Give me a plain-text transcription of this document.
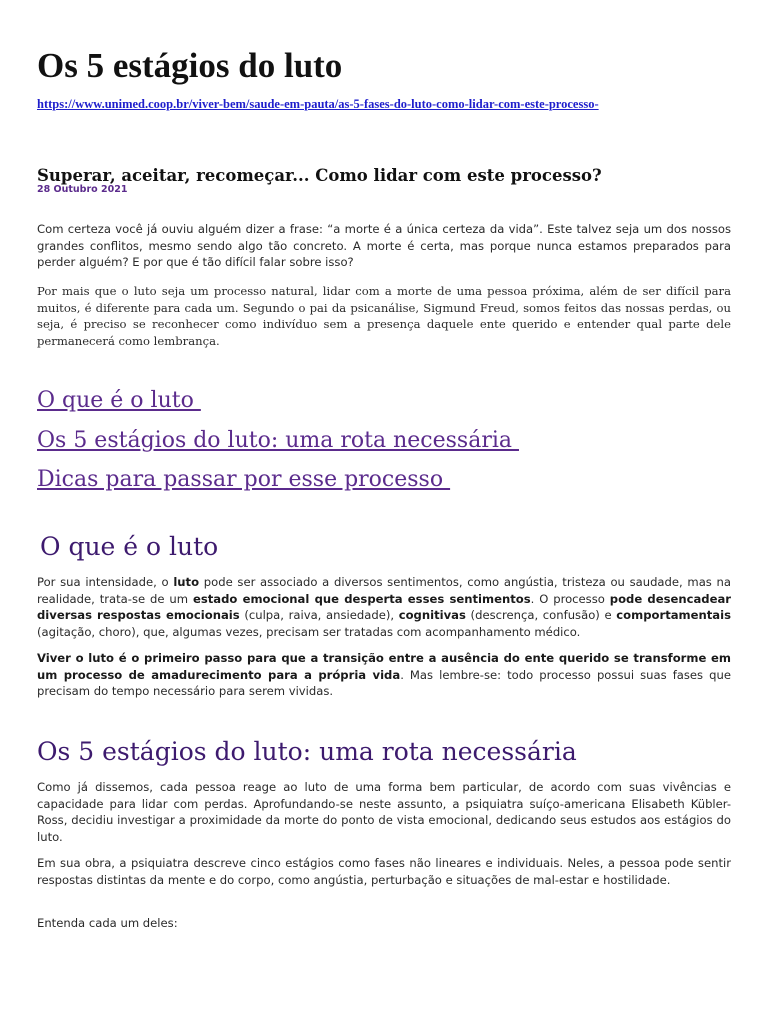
Os 5 estágios do luto
https://www.unimed.coop.br/viver-bem/saude-em-pauta/as-5-fases-do-luto-como-lidar-com-este-processo-
Superar, aceitar, recomeçar... Como lidar com este processo?
28 Outubro 2021

Com certeza você já ouviu alguém dizer a frase: “a morte é a única certeza da vida”. Este talvez seja um dos nossos grandes conflitos, mesmo sendo algo tão concreto. A morte é certa, mas porque nunca estamos preparados para perder alguém? E por que é tão difícil falar sobre isso?

Por mais que o luto seja um processo natural, lidar com a morte de uma pessoa próxima, além de ser difícil para muitos, é diferente para cada um. Segundo o pai da psicanálise, Sigmund Freud, somos feitos das nossas perdas, ou seja, é preciso se reconhecer como indivíduo sem a presença daquele ente querido e entender qual parte dele permanecerá como lembrança.

O que é o luto
Os 5 estágios do luto: uma rota necessária
Dicas para passar por esse processo
O que é o luto

Por sua intensidade, o luto pode ser associado a diversos sentimentos, como angústia, tristeza ou saudade, mas na realidade, trata-se de um estado emocional que desperta esses sentimentos. O processo pode desencadear diversas respostas emocionais (culpa, raiva, ansiedade), cognitivas (descrença, confusão) e comportamentais (agitação, choro), que, algumas vezes, precisam ser tratadas com acompanhamento médico.

Viver o luto é o primeiro passo para que a transição entre a ausência do ente querido se transforme em um processo de amadurecimento para a própria vida. Mas lembre-se: todo processo possui suas fases que precisam do tempo necessário para serem vividas.

Os 5 estágios do luto: uma rota necessária

Como já dissemos, cada pessoa reage ao luto de uma forma bem particular, de acordo com suas vivências e capacidade para lidar com perdas. Aprofundando-se neste assunto, a psiquiatra suíço-americana Elisabeth Kübler-Ross, decidiu investigar a proximidade da morte do ponto de vista emocional, dedicando seus estudos aos estágios do luto.

Em sua obra, a psiquiatra descreve cinco estágios como fases não lineares e individuais. Neles, a pessoa pode sentir respostas distintas da mente e do corpo, como angústia, perturbação e situações de mal-estar e hostilidade.

Entenda cada um deles:
